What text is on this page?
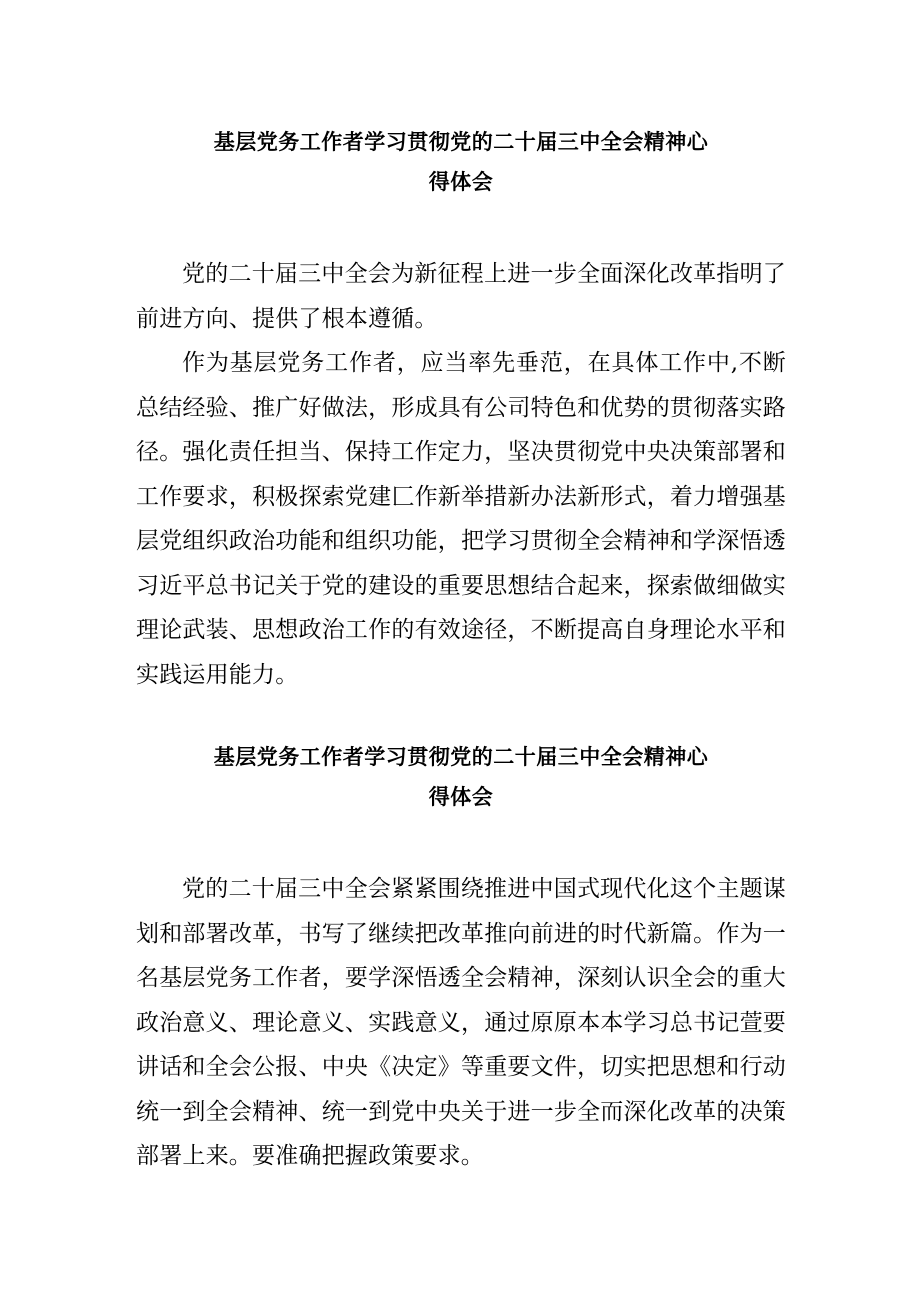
基层党务工作者学习贯彻党的二十届三中全会精神心
得体会

党的二十届三中全会为新征程上进一步全面深化改革指明了前进方向、提供了根本遵循。

作为基层党务工作者，应当率先垂范，在具体工作中,不断总结经验、推广好做法，形成具有公司特色和优势的贯彻落实路径。强化责任担当、保持工作定力，坚决贯彻党中央决策部署和工作要求，积极探索党建匚作新举措新办法新形式，着力增强基层党组织政治功能和组织功能，把学习贯彻全会精神和学深悟透习近平总书记关于党的建设的重要思想结合起来，探索做细做实理论武装、思想政治工作的有效途径，不断提高自身理论水平和实践运用能力。

基层党务工作者学习贯彻党的二十届三中全会精神心
得体会

党的二十届三中全会紧紧围绕推进中国式现代化这个主题谋划和部署改革，书写了继续把改革推向前进的时代新篇。作为一名基层党务工作者，要学深悟透全会精神，深刻认识全会的重大政治意义、理论意义、实践意义，通过原原本本学习总书记萱要讲话和全会公报、中央《决定》等重要文件，切实把思想和行动统一到全会精神、统一到党中央关于进一步全而深化改革的决策部署上来。要准确把握政策要求。
